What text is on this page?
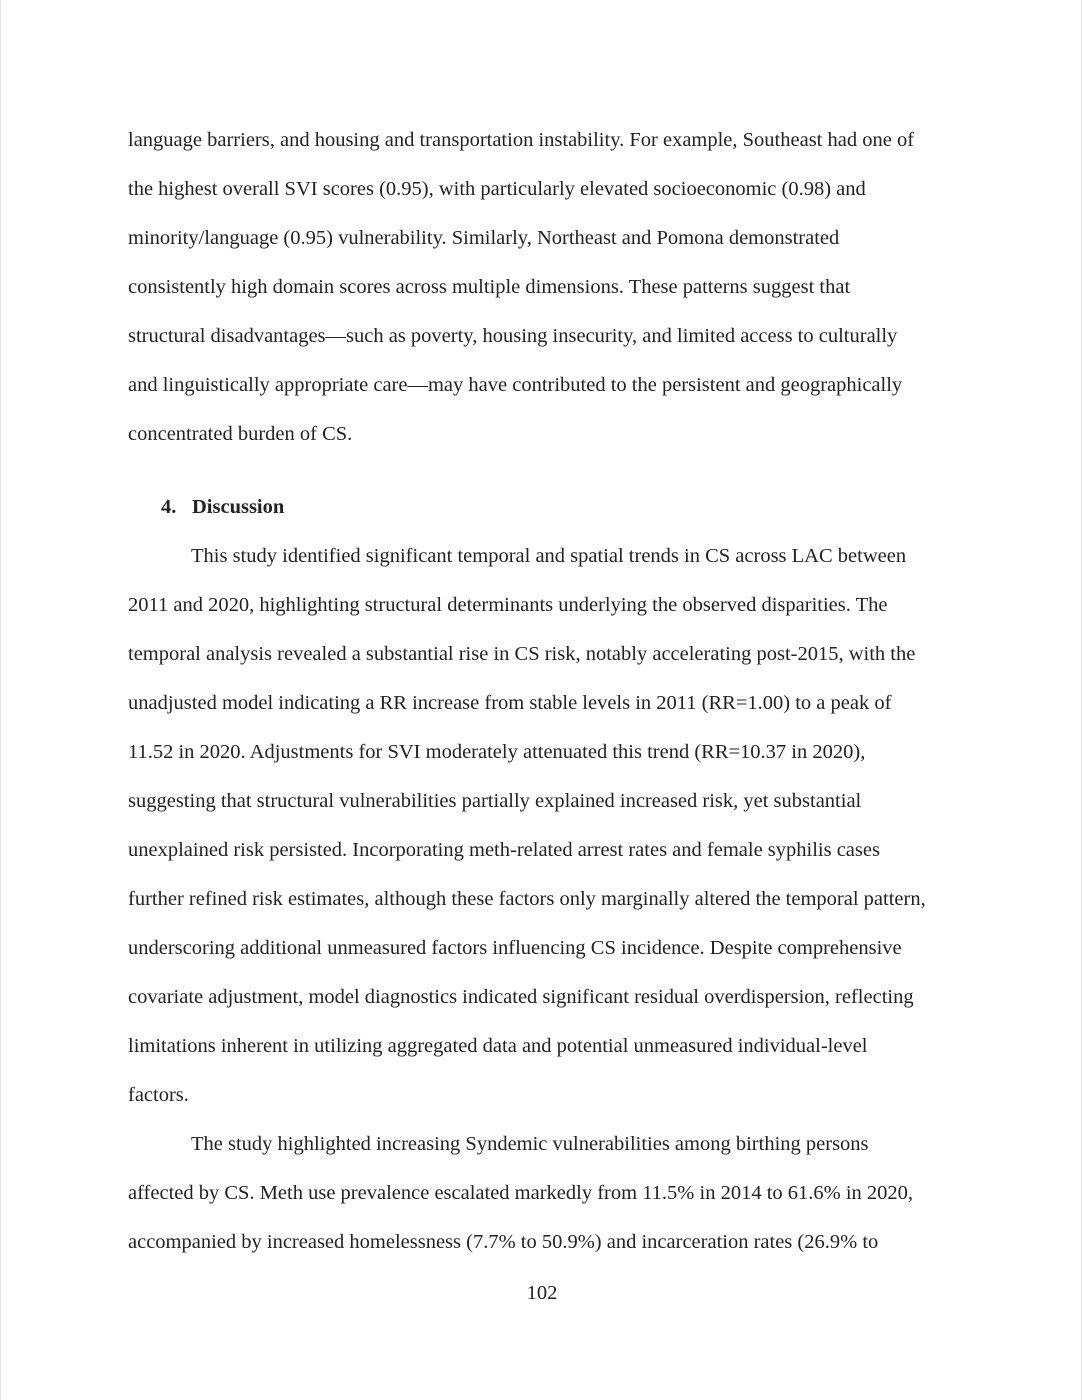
language barriers, and housing and transportation instability. For example, Southeast had one of
the highest overall SVI scores (0.95), with particularly elevated socioeconomic (0.98) and
minority/language (0.95) vulnerability. Similarly, Northeast and Pomona demonstrated
consistently high domain scores across multiple dimensions. These patterns suggest that
structural disadvantages—such as poverty, housing insecurity, and limited access to culturally
and linguistically appropriate care—may have contributed to the persistent and geographically
concentrated burden of CS.
4. Discussion
This study identified significant temporal and spatial trends in CS across LAC between
2011 and 2020, highlighting structural determinants underlying the observed disparities. The
temporal analysis revealed a substantial rise in CS risk, notably accelerating post-2015, with the
unadjusted model indicating a RR increase from stable levels in 2011 (RR=1.00) to a peak of
11.52 in 2020. Adjustments for SVI moderately attenuated this trend (RR=10.37 in 2020),
suggesting that structural vulnerabilities partially explained increased risk, yet substantial
unexplained risk persisted. Incorporating meth-related arrest rates and female syphilis cases
further refined risk estimates, although these factors only marginally altered the temporal pattern,
underscoring additional unmeasured factors influencing CS incidence. Despite comprehensive
covariate adjustment, model diagnostics indicated significant residual overdispersion, reflecting
limitations inherent in utilizing aggregated data and potential unmeasured individual-level
factors.
The study highlighted increasing Syndemic vulnerabilities among birthing persons
affected by CS. Meth use prevalence escalated markedly from 11.5% in 2014 to 61.6% in 2020,
accompanied by increased homelessness (7.7% to 50.9%) and incarceration rates (26.9% to
102
